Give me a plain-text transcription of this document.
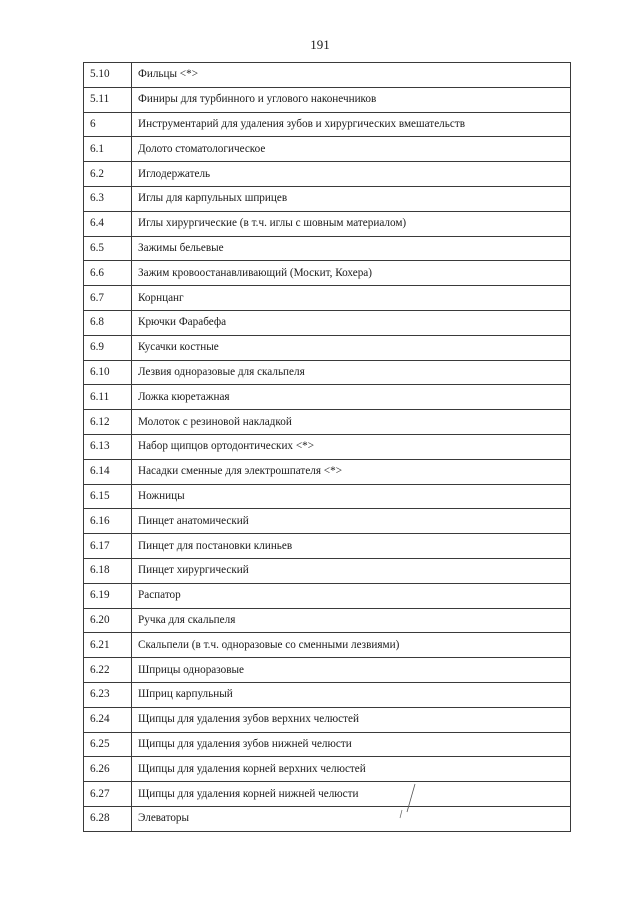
191
5.10	Фильцы <*>
5.11	Финиры для турбинного и углового наконечников
6	Инструментарий для удаления зубов и хирургических вмешательств
6.1	Долото стоматологическое
6.2	Иглодержатель
6.3	Иглы для карпульных шприцев
6.4	Иглы хирургические (в т.ч. иглы с шовным материалом)
6.5	Зажимы бельевые
6.6	Зажим кровоостанавливающий (Москит, Кохера)
6.7	Корнцанг
6.8	Крючки Фарабефа
6.9	Кусачки костные
6.10	Лезвия одноразовые для скальпеля
6.11	Ложка кюретажная
6.12	Молоток с резиновой накладкой
6.13	Набор щипцов ортодонтических <*>
6.14	Насадки сменные для электрошпателя <*>
6.15	Ножницы
6.16	Пинцет анатомический
6.17	Пинцет для постановки клиньев
6.18	Пинцет хирургический
6.19	Распатор
6.20	Ручка для скальпеля
6.21	Скальпели (в т.ч. одноразовые со сменными лезвиями)
6.22	Шприцы одноразовые
6.23	Шприц карпульный
6.24	Щипцы для удаления зубов верхних челюстей
6.25	Щипцы для удаления зубов нижней челюсти
6.26	Щипцы для удаления корней верхних челюстей
6.27	Щипцы для удаления корней нижней челюсти
6.28	Элеваторы
